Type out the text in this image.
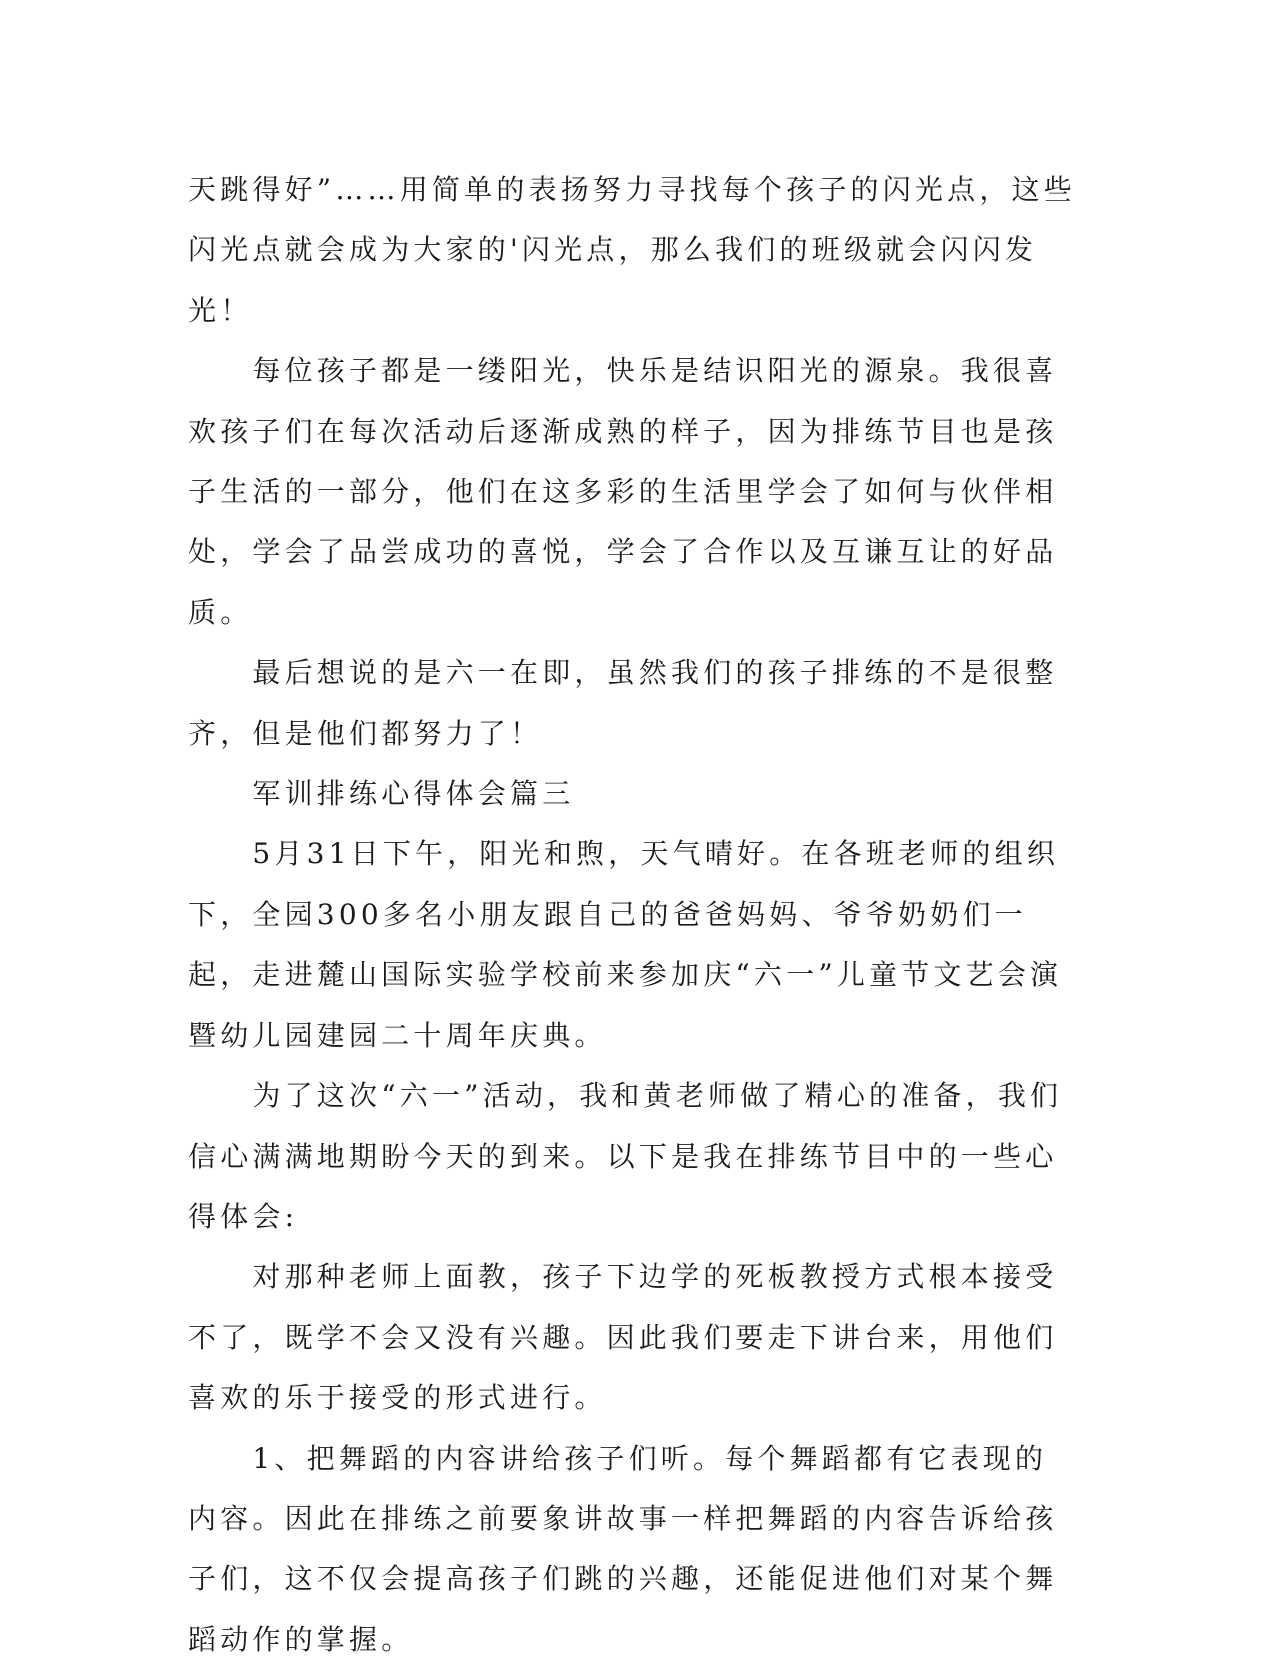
天跳得好”……用简单的表扬努力寻找每个孩子的闪光点，这些闪光点就会成为大家的'闪光点，那么我们的班级就会闪闪发光！

每位孩子都是一缕阳光，快乐是结识阳光的源泉。我很喜欢孩子们在每次活动后逐渐成熟的样子，因为排练节目也是孩子生活的一部分，他们在这多彩的生活里学会了如何与伙伴相处，学会了品尝成功的喜悦，学会了合作以及互谦互让的好品质。

最后想说的是六一在即，虽然我们的孩子排练的不是很整齐，但是他们都努力了！

军训排练心得体会篇三

5月31日下午，阳光和煦，天气晴好。在各班老师的组织下，全园300多名小朋友跟自己的爸爸妈妈、爷爷奶奶们一起，走进麓山国际实验学校前来参加庆“六一”儿童节文艺会演暨幼儿园建园二十周年庆典。

为了这次“六一”活动，我和黄老师做了精心的准备，我们信心满满地期盼今天的到来。以下是我在排练节目中的一些心得体会:

对那种老师上面教，孩子下边学的死板教授方式根本接受不了，既学不会又没有兴趣。因此我们要走下讲台来，用他们喜欢的乐于接受的形式进行。

1、把舞蹈的内容讲给孩子们听。每个舞蹈都有它表现的内容。因此在排练之前要象讲故事一样把舞蹈的内容告诉给孩子们，这不仅会提高孩子们跳的兴趣，还能促进他们对某个舞蹈动作的掌握。
